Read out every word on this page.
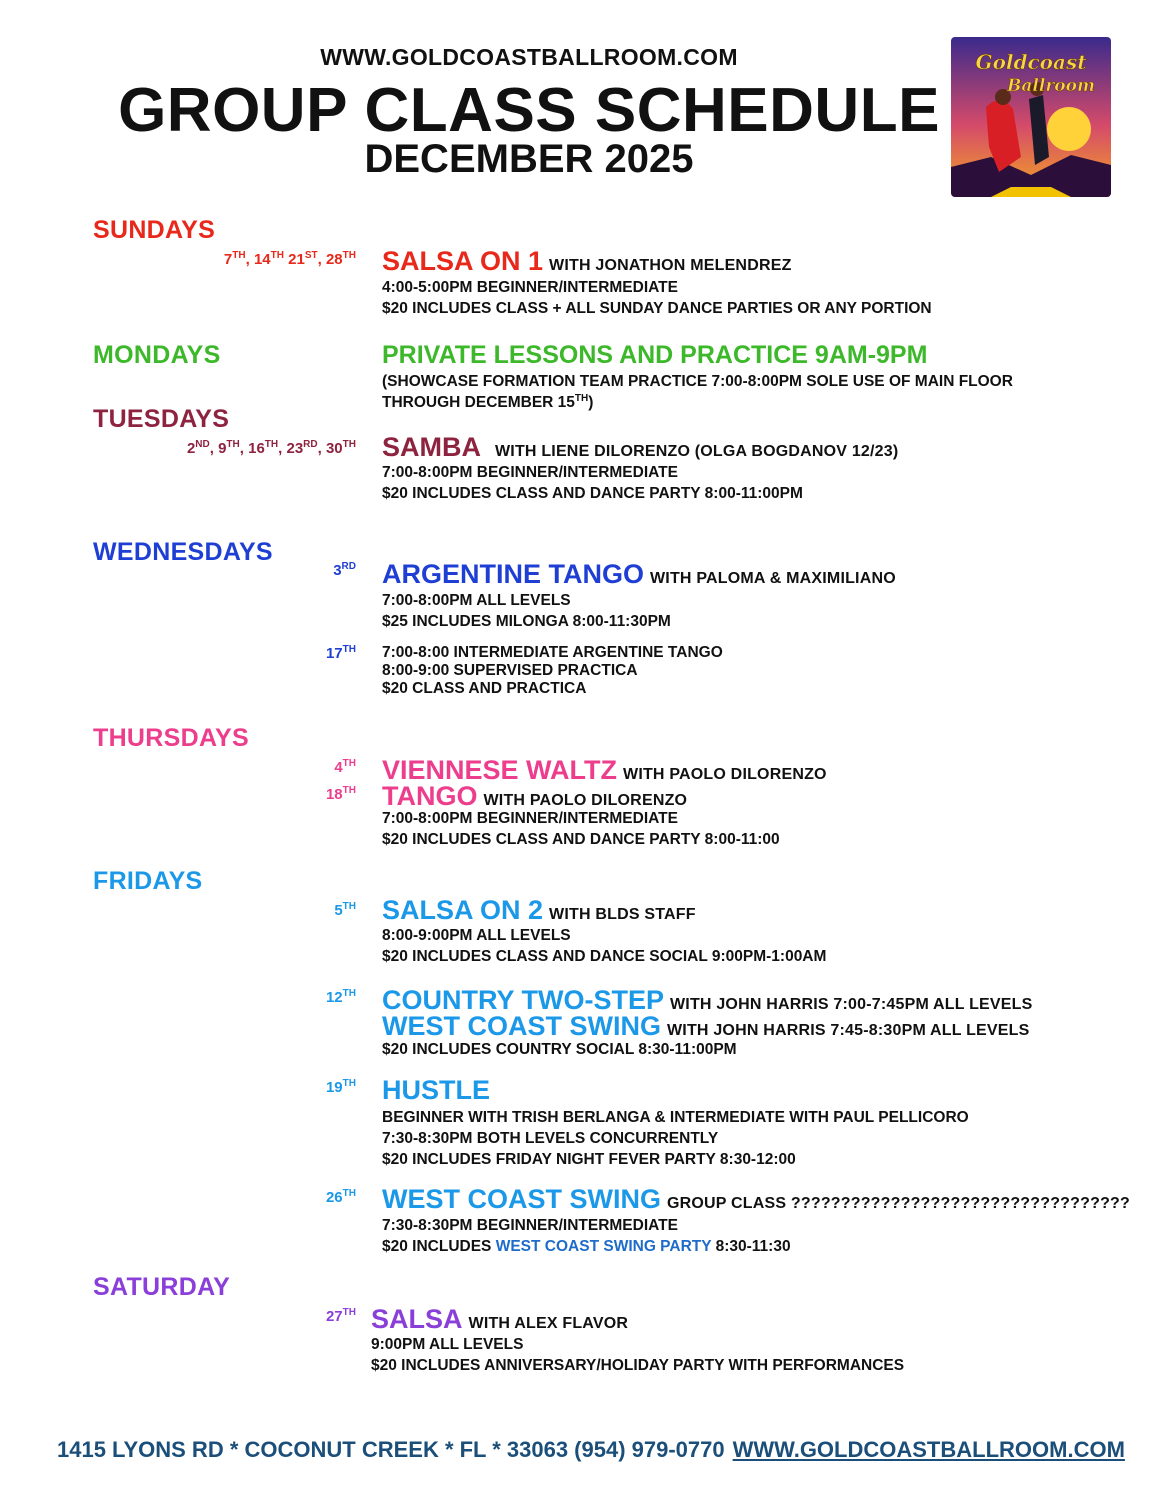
WWW.GOLDCOASTBALLROOM.COM
GROUP CLASS SCHEDULE
DECEMBER 2025
Goldcoast
Ballroom
SUNDAYS
7TH, 14TH 21ST, 28TH SALSA ON 1 WITH JONATHON MELENDREZ
4:00-5:00PM BEGINNER/INTERMEDIATE
$20 INCLUDES CLASS + ALL SUNDAY DANCE PARTIES OR ANY PORTION
MONDAYS	PRIVATE LESSONS AND PRACTICE 9AM-9PM
(SHOWCASE FORMATION TEAM PRACTICE 7:00-8:00PM SOLE USE OF MAIN FLOOR
THROUGH DECEMBER 15TH)
TUESDAYS
2ND, 9TH, 16TH, 23RD, 30TH SAMBA WITH LIENE DILORENZO (OLGA BOGDANOV 12/23)
7:00-8:00PM BEGINNER/INTERMEDIATE
$20 INCLUDES CLASS AND DANCE PARTY 8:00-11:00PM
WEDNESDAYS
3RD ARGENTINE TANGO WITH PALOMA & MAXIMILIANO
7:00-8:00PM ALL LEVELS
$25 INCLUDES MILONGA 8:00-11:30PM
17TH 7:00-8:00 INTERMEDIATE ARGENTINE TANGO
8:00-9:00 SUPERVISED PRACTICA
$20 CLASS AND PRACTICA
THURSDAYS
4TH VIENNESE WALTZ WITH PAOLO DILORENZO
18TH TANGO WITH PAOLO DILORENZO
7:00-8:00PM BEGINNER/INTERMEDIATE
$20 INCLUDES CLASS AND DANCE PARTY 8:00-11:00
FRIDAYS
5TH SALSA ON 2 WITH BLDS STAFF
8:00-9:00PM ALL LEVELS
$20 INCLUDES CLASS AND DANCE SOCIAL 9:00PM-1:00AM
12TH COUNTRY TWO-STEP WITH JOHN HARRIS 7:00-7:45PM ALL LEVELS
WEST COAST SWING WITH JOHN HARRIS 7:45-8:30PM ALL LEVELS
$20 INCLUDES COUNTRY SOCIAL 8:30-11:00PM
19TH HUSTLE
BEGINNER WITH TRISH BERLANGA & INTERMEDIATE WITH PAUL PELLICORO
7:30-8:30PM BOTH LEVELS CONCURRENTLY
$20 INCLUDES FRIDAY NIGHT FEVER PARTY 8:30-12:00
26TH WEST COAST SWING GROUP CLASS ??????????????????????????????????
7:30-8:30PM BEGINNER/INTERMEDIATE
$20 INCLUDES WEST COAST SWING PARTY 8:30-11:30
SATURDAY
27TH SALSA WITH ALEX FLAVOR
9:00PM ALL LEVELS
$20 INCLUDES ANNIVERSARY/HOLIDAY PARTY WITH PERFORMANCES
1415 LYONS RD * COCONUT CREEK * FL * 33063 (954) 979-0770 WWW.GOLDCOASTBALLROOM.COM
